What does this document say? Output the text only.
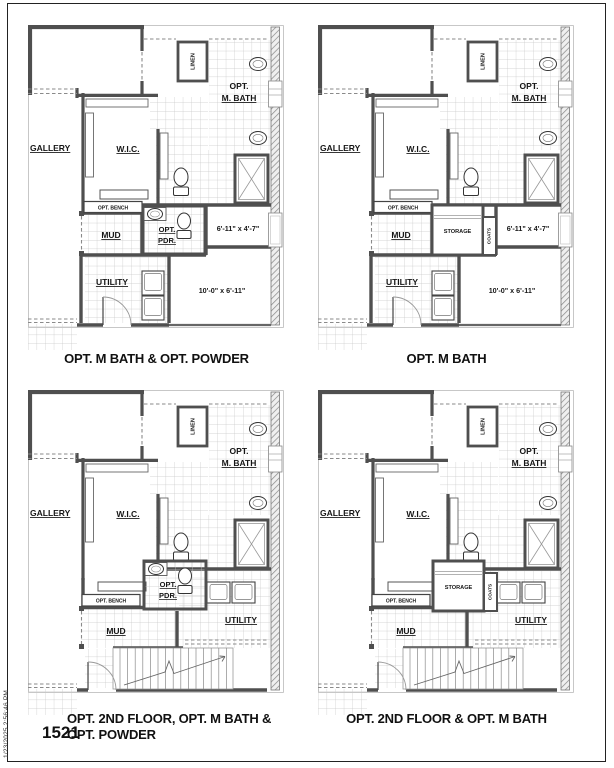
OPT. M BATH & OPT. POWDER	OPT. M BATH
OPT. 2ND FLOOR, OPT. M BATH &
OPT. POWDER
OPT. 2ND FLOOR & OPT. M BATH
1521
1/23/2025 2:56:46 PM
